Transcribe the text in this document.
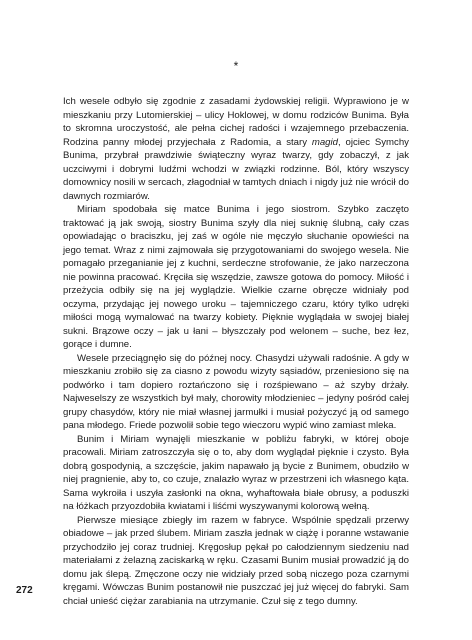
*

Ich wesele odbyło się zgodnie z zasadami żydowskiej religii. Wyprawiono je w mieszkaniu przy Lutomierskiej – ulicy Hoklowej, w domu rodziców Bunima. Była to skromna uroczystość, ale pełna cichej radości i wzajemnego przebaczenia. Rodzina panny młodej przyjechała z Radomia, a stary magid, ojciec Symchy Bunima, przybrał prawdziwie świąteczny wyraz twarzy, gdy zobaczył, z jak uczciwymi i dobrymi ludźmi wchodzi w związki rodzinne. Ból, który wszyscy domownicy nosili w sercach, złagodniał w tamtych dniach i nigdy już nie wrócił do dawnych rozmiarów.

Miriam spodobała się matce Bunima i jego siostrom. Szybko zaczęto traktować ją jak swoją, siostry Bunima szyły dla niej suknię ślubną, cały czas opowiadając o braciszku, jej zaś w ogóle nie męczyło słuchanie opowieści na jego temat. Wraz z nimi zajmowała się przygotowaniami do swojego wesela. Nie pomagało przeganianie jej z kuchni, serdeczne strofowanie, że jako narzeczona nie powinna pracować. Kręciła się wszędzie, zawsze gotowa do pomocy. Miłość i przeżycia odbiły się na jej wyglądzie. Wielkie czarne obręcze widniały pod oczyma, przydając jej nowego uroku – tajemniczego czaru, który tylko udręki miłości mogą wymalować na twarzy kobiety. Pięknie wyglądała w swojej białej sukni. Brązowe oczy – jak u łani – błyszczały pod welonem – suche, bez łez, gorące i dumne.

Wesele przeciągnęło się do późnej nocy. Chasydzi używali radośnie. A gdy w mieszkaniu zrobiło się za ciasno z powodu wizyty sąsiadów, przeniesiono się na podwórko i tam dopiero roztańczono się i rozśpiewano – aż szyby drżały. Najweselszy ze wszystkich był mały, chorowity młodzieniec – jedyny pośród całej grupy chasydów, który nie miał własnej jarmułki i musiał pożyczyć ją od samego pana młodego. Friede pozwolił sobie tego wieczoru wypić wino zamiast mleka.

Bunim i Miriam wynajęli mieszkanie w pobliżu fabryki, w której obojе pracowali. Miriam zatroszczyła się o to, aby dom wyglądał pięknie i czysto. Była dobrą gospodynią, a szczęście, jakim napawało ją bycie z Bunimem, obudziło w niej pragnienie, aby to, co czuje, znalazło wyraz w przestrzeni ich własnego kąta. Sama wykroiła i uszyła zasłonki na okna, wyhaftowała białe obrusy, a poduszki na łóżkach przyozdobiła kwiatami i liśćmi wyszywanymi kolorową wełną.

Pierwsze miesiące zbiegły im razem w fabryce. Wspólnie spędzali przerwy obiadowe – jak przed ślubem. Miriam zaszła jednak w ciążę i poranne wstawanie przychodziło jej coraz trudniej. Kręgosłup pękał po całodziennym siedzeniu nad materiałami z żelazną zaciskarką w ręku. Czasami Bunim musiał prowadzić ją do domu jak ślepą. Zmęczone oczy nie widziały przed sobą niczego poza czarnymi kręgami. Wówczas Bunim postanowił nie puszczać jej już więcej do fabryki. Sam chciał unieść ciężar zarabiania na utrzymanie. Czuł się z tego dumny.

272
